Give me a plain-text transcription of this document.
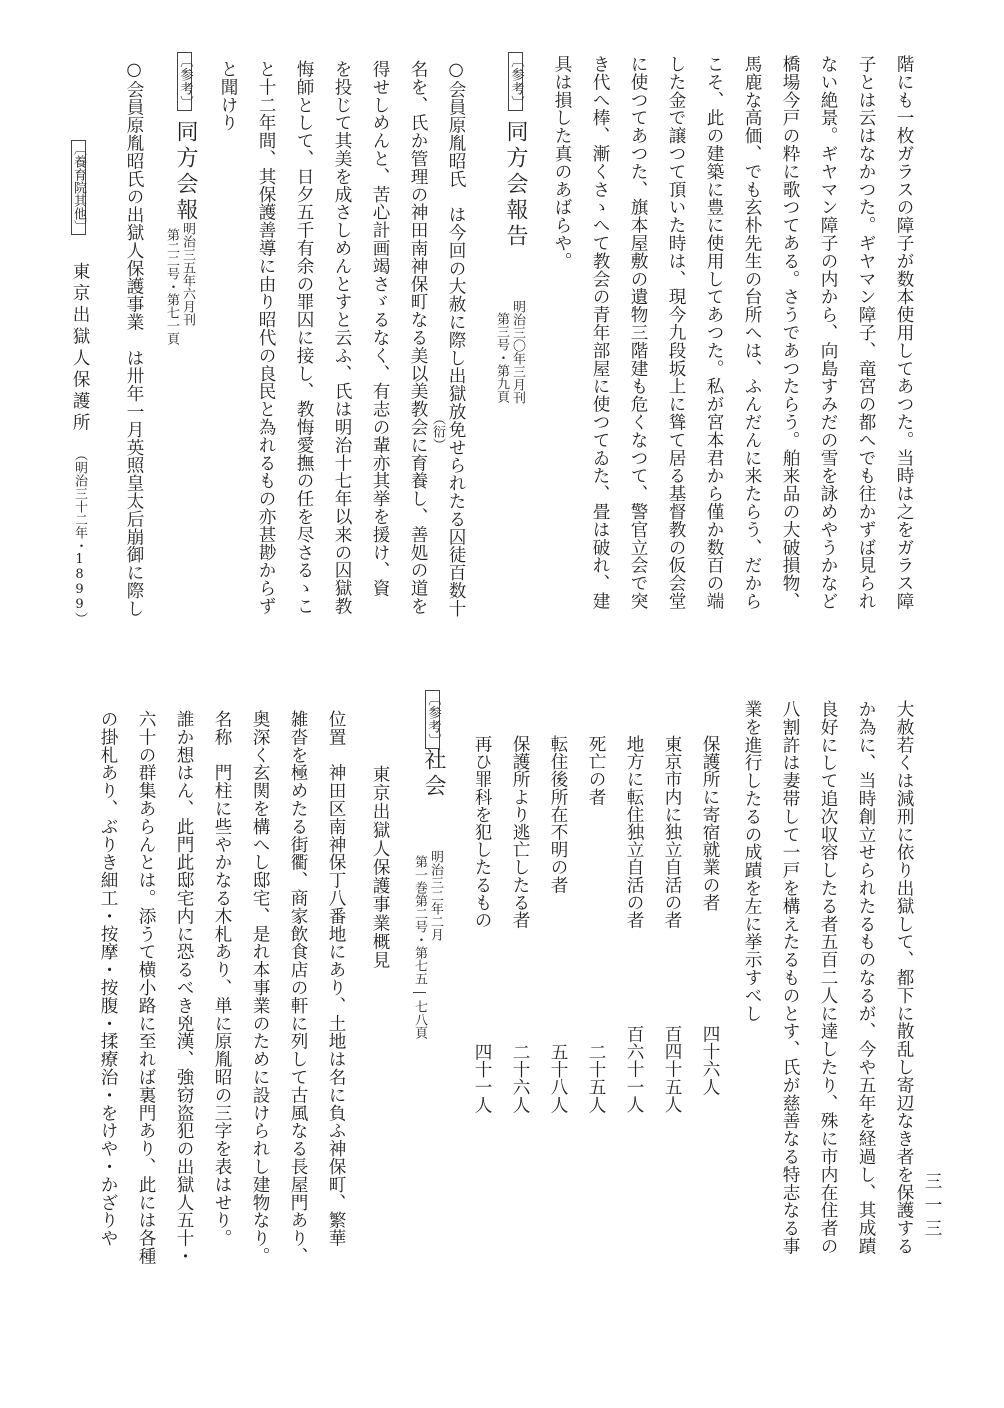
階にも一枚ガラスの障子が数本使用してあつた。当時は之をガラス障
子とは云はなかつた。ギヤマン障子、竜宮の都へでも往かずば見られ
ない絶景。ギヤマン障子の内から、向島すみだの雪を詠めやうかなど
橋場今戸の粋に歌つてある。さうであつたらう。舶来品の大破損物、
馬鹿な高価、でも玄朴先生の台所へは、ふんだんに来たらう、だから
こそ、此の建築に豊に使用してあつた。私が宮本君から僅か数百の端
した金で譲つて頂いた時は、現今九段坂上に聳て居る基督教の仮会堂
に使つてあつた、旗本屋敷の遺物三階建も危くなつて、警官立会で突
き代へ棒、漸くさゝへて教会の青年部屋に使つてゐた、畳は破れ、建
具は損した真のあばらや。
〔参考〕
同方会報告
第三号・第九頁 明治三〇年三月刊
○会員原胤昭氏　は今回の大赦に際し出獄放免せられたる囚徒百数十
名を、氏か管理の神田南神保町なる美以美教会に育養し、善処の道を （衍）
得せしめんと、苦心計画竭さゞるなく、有志の輩亦其挙を援け、資
を投じて其美を成さしめんとすと云ふ、氏は明治十七年以来の囚獄教
悔師として、日夕五千有余の罪囚に接し、教悔愛撫の任を尽さるゝこ
と十二年間、其保護善導に由り昭代の良民と為れるもの亦甚尠からず
と聞けり
〔参考〕
同方会報
第二二号・第七一頁 明治三五年六月刊
○会員原胤昭氏の出獄人保護事業　は卅年一月英照皇太后崩御に際し
〔養育院其他〕
東京出獄人保護所
（明治三十二年・1899）
大赦若くは減刑に依り出獄して、都下に散乱し寄辺なき者を保護する
か為に、当時創立せられたるものなるが、今や五年を経過し、其成蹟
良好にして追次収容したる者五百二人に達したり、殊に市内在住者の
八割許は妻帯して一戸を構えたるものとす、氏が慈善なる特志なる事
業を進行したるの成蹟を左に挙示すべし
保護所に寄宿就業の者
四十六人
東京市内に独立自活の者
百四十五人
地方に転住独立自活の者
百六十一人
死亡の者
二十五人
転住後所在不明の者
五十八人
保護所より逃亡したる者
二十六人
再ひ罪科を犯したるもの
四十一人
〔参考〕
社会
第一巻第二号・第七五―七八頁 明治三二年二月
東京出獄人保護事業概見
位置　神田区南神保丁八番地にあり、土地は名に負ふ神保町、繁華
雑沓を極めたる街衢、商家飲食店の軒に列して古風なる長屋門あり、
奥深く玄関を構へし邸宅、是れ本事業のために設けられし建物なり。
名称　門柱に些やかなる木札あり、単に原胤昭の三字を表はせり。
誰か想はん、此門此邸宅内に恐るべき兇漢、強窃盗犯の出獄人五十・
六十の群集あらんとは。添うて横小路に至れば裏門あり、此には各種
の掛札あり、ぶりき細工・按摩・按腹・揉療治・をけや・かざりや	三一三
